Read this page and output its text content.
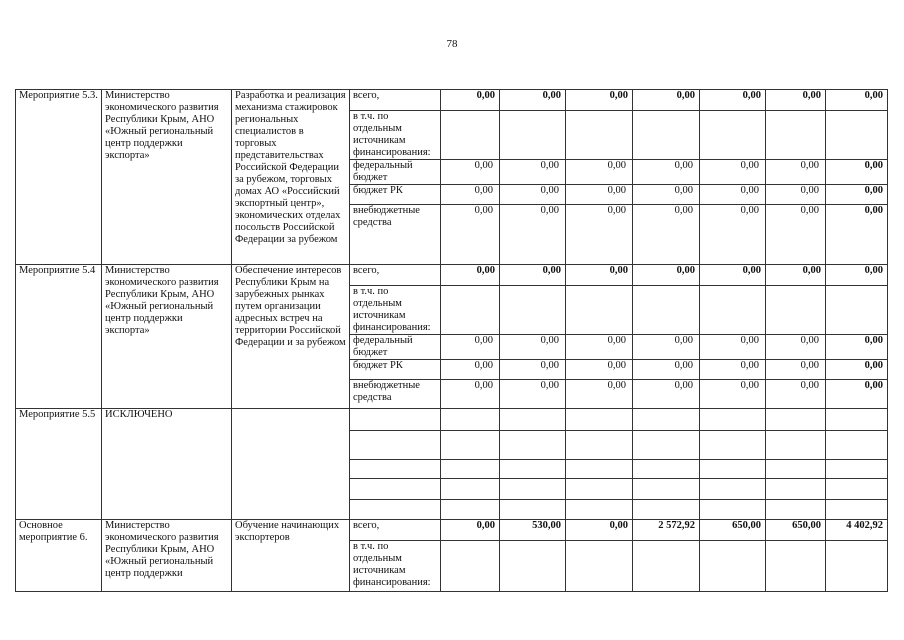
78
Мероприятие 5.3.	Министерство экономического развития Республики Крым, АНО «Южный региональный центр поддержки экспорта»	Разработка и реализация механизма стажировок региональных специалистов в торговых представительствах Российской Федерации за рубежом, торговых домах АО «Российский экспортный центр», экономических отделах посольств Российской Федерации за рубежом	всего,	0,00	0,00	0,00	0,00	0,00	0,00	0,00
			в т.ч. по отдельным источникам финансирования:							
			федеральный бюджет	0,00	0,00	0,00	0,00	0,00	0,00	0,00
			бюджет РК	0,00	0,00	0,00	0,00	0,00	0,00	0,00
			внебюджетные средства	0,00	0,00	0,00	0,00	0,00	0,00	0,00
Мероприятие 5.4	Министерство экономического развития Республики Крым, АНО «Южный региональный центр поддержки экспорта»	Обеспечение интересов Республики Крым на зарубежных рынках путем организации адресных встреч на территории Российской Федерации и за рубежом	всего,	0,00	0,00	0,00	0,00	0,00	0,00	0,00
			в т.ч. по отдельным источникам финансирования:							
			федеральный бюджет	0,00	0,00	0,00	0,00	0,00	0,00	0,00
			бюджет РК	0,00	0,00	0,00	0,00	0,00	0,00	0,00
			внебюджетные средства	0,00	0,00	0,00	0,00	0,00	0,00	0,00
Мероприятие 5.5	ИСКЛЮЧЕНО									

Основное мероприятие 6.	Министерство экономического развития Республики Крым, АНО «Южный региональный центр поддержки	Обучение начинающих экспортеров	всего,	0,00	530,00	0,00	2 572,92	650,00	650,00	4 402,92
			в т.ч. по отдельным источникам финансирования:							
